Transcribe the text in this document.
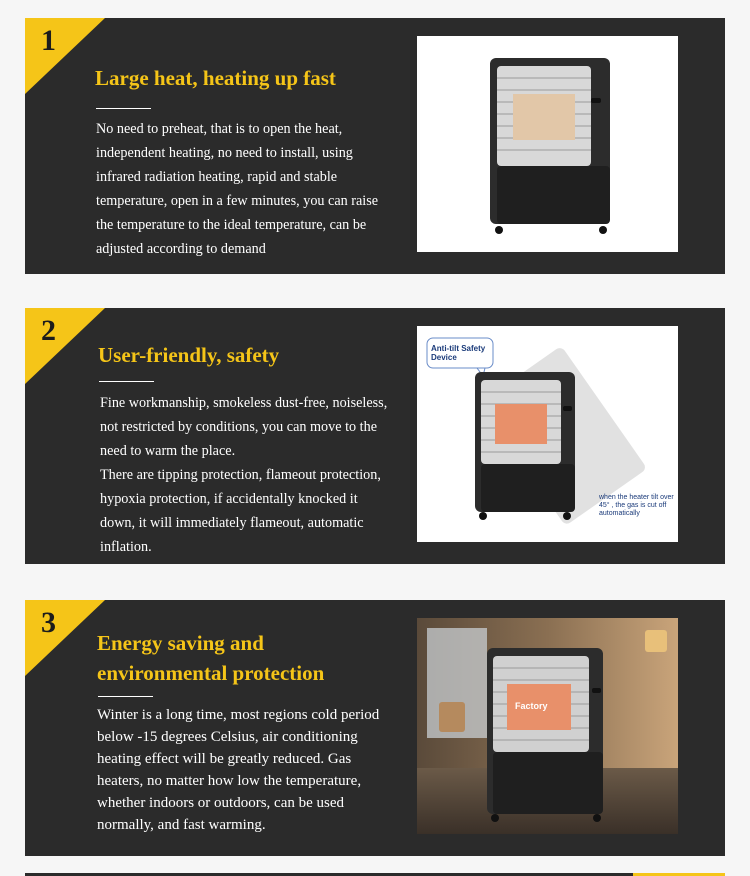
1
Large heat, heating up fast

No need to preheat, that is to open the heat, independent heating, no need to install, using infrared radiation heating, rapid and stable temperature, open in a few minutes, you can raise the temperature to the ideal temperature, can be adjusted according to demand

2
User-friendly, safety

Fine workmanship, smokeless dust-free, noiseless, not restricted by conditions, you can move to the need to warm the place.
There are tipping protection, flameout protection, hypoxia protection, if accidentally knocked it down, it will immediately flameout, automatic inflation.

Anti-tilt Safety Device
when the heater tilt over 45° , the gas is cut off automatically
3
Energy saving and environmental protection

Winter is a long time, most regions cold period below -15 degrees Celsius, air conditioning heating effect will be greatly reduced. Gas heaters, no matter how low the temperature, whether indoors or outdoors, can be used normally, and fast warming.

Factory
